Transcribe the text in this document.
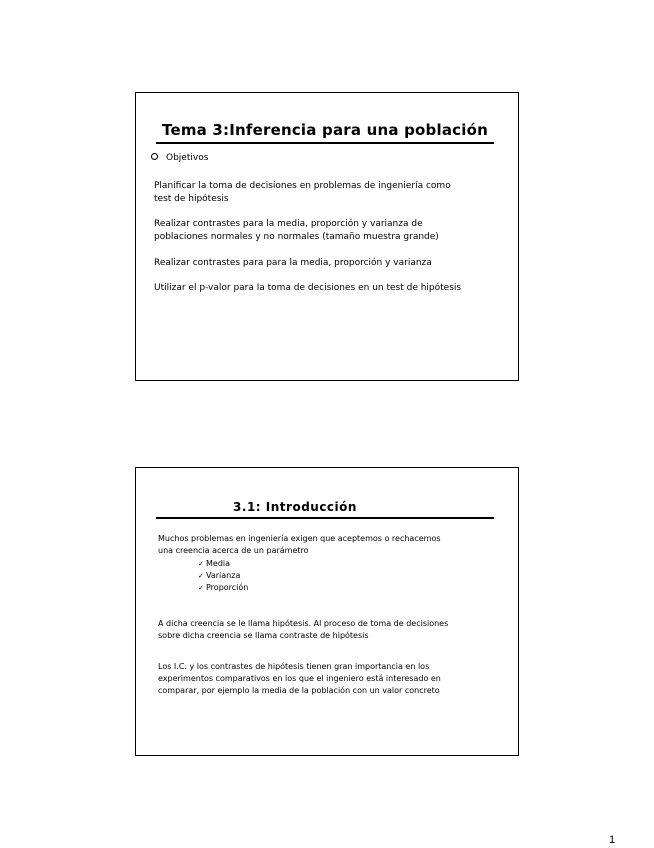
Tema 3:Inferencia para una población
Objetivos
Planificar la toma de decisiones en problemas de ingeniería como
test de hipótesis
Realizar contrastes para la media, proporción y varianza de
poblaciones normales y no normales (tamaño muestra grande)
Realizar contrastes para para la media, proporción y varianza
Utilizar el p-valor para la toma de decisiones en un test de hipótesis
3.1: Introducción
Muchos problemas en ingeniería exigen que aceptemos o rechacemos
una creencia acerca de un parámetro
✓ Media
✓ Varianza
✓ Proporción
A dicha creencia se le llama hipótesis. Al proceso de toma de decisiones
sobre dicha creencia se llama contraste de hipótesis
Los I.C. y los contrastes de hipótesis tienen gran importancia en los
experimentos comparativos en los que el ingeniero está interesado en
comparar, por ejemplo la media de la población con un valor concreto
1
